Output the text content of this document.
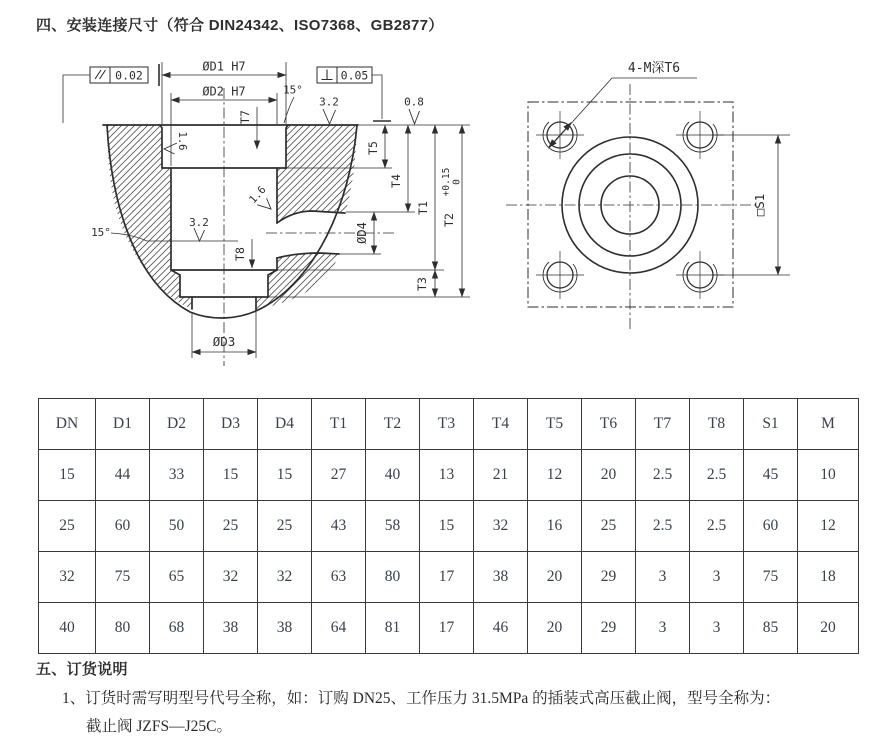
四、安装连接尺寸（符合 DIN24342、ISO7368、GB2877）
0.02	0.05
ØD1 H7
ØD2 H7	15°
3.2	0.8
T7
1.6
1.6
15°
3.2
T8
ØD4
T5
T4
T1
T3
T2
+0.15 0
ØD3
4-M深T6
□S1
DN	D1	D2	D3	D4	T1	T2	T3	T4	T5	T6	T7	T8	S1	M
15	44	33	15	15	27	40	13	21	12	20	2.5	2.5	45	10
25	60	50	25	25	43	58	15	32	16	25	2.5	2.5	60	12
32	75	65	32	32	63	80	17	38	20	29	3	3	75	18
40	80	68	38	38	64	81	17	46	20	29	3	3	85	20
五、订货说明
1、订货时需写明型号代号全称，如：订购 DN25、工作压力 31.5MPa 的插装式高压截止阀，型号全称为：
截止阀 JZFS—J25C。
